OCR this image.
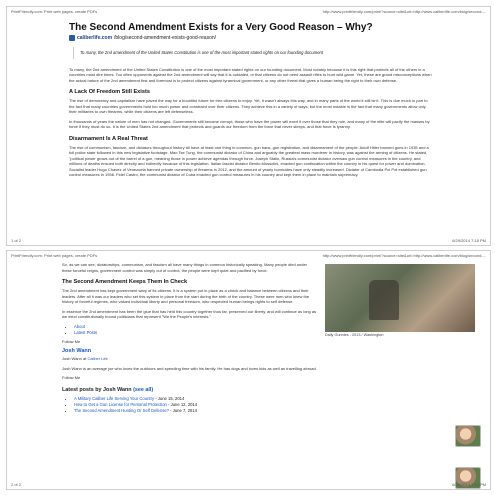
PrintFriendly.com: Print web pages, create PDFs	http://www.printfriendly.com/print/?source=site&url=http://www.caliberlife.com/blog/second-...
The Second Amendment Exists for a Very Good Reason – Why?
caliberlife.com /blog/second-amendment-exists-good-reason/
To many, the 2nd amendment of the United States Constitution is one of the most important stated rights on our founding document

To many, the 2nd amendment of the United States Constitution is one of the most important stated rights on our founding document. Most notably because it is this right that protects all of the others in a countries most dire times. Too often opponents against the 2nd amendment will say that it is outdated, or that citizens do not need assault rifles to hunt wild game. Yet, these are grand misconceptions when the actual nature of the 2nd amendment first and foremost is to protect citizens against tyrannical government, or any other threat that gives a human being the right to their own defense.

A Lack Of Freedom Still Exists

The rise of democracy and capitalism have paved the way for a bountiful future for free citizens to enjoy. Yet, it wasn't always this way, and in many parts of the world it still isn't. This is due much in part to the fact that many countries governments hold too much power and constraint over their citizens. They achieve this in a variety of ways, but the most notable is the fact that many governments allow only their militaries to own firearms, while their citizens are left defenseless.

In thousands of years the nature of men has not changed. Governments still become corrupt, those who have the power will exert it over those that they rule, and many of the elite will pacify the masses by force if they must do so. It is the United States 2nd amendment that protects and guards our freedom from the force that never sleeps, and that force is tyranny.

Disarmament Is A Real Threat

The rise of communism, fascism, and dictators throughout history all have at least one thing in common, gun bans, gun registration, and disarmament of the people. Adolf Hitler banned guns in 1935 and a full police state followed in this new legislative footstage. Mao Tse Tung, the communist dictator of China and arguably the greatest mass murderer in history, was against the arming of citizens. He stated, "political power grows out of the barrel of a gun, meaning those in power achieve agendas through force. Joseph Stalin, Russia's communist dictator oversaw gun control measures in the country, and millions of deaths ensued both directly and indirectly because of this legislation. Italian fascist dictator Benito Mussolini, enacted gun confiscation within the country in his quest for power and domination. Socialist leader Hugo Chavez of Venezuela banned private ownership of firearms in 2012, and the amount of yearly homicides have only steadily increased. Dictator of Cambodia Pol Pot established gun control measures in 1956. Fidel Castro, the communist dictator of Cuba enacted gun control measures in his country and kept them in place to maintain supremacy.

1 of 2	6/29/2014 7:18 PM
PrintFriendly.com: Print web pages, create PDFs	http://www.printfriendly.com/print/?source=site&url=http://www.caliberlife.com/blog/second-...

So, as we can see, dictatorships, communism, and fascism all have many things in common historically speaking. Many people died under these forceful reigns, government control was simply out of control, the people were kept quiet and pacified by force.

The Second Amendment Keeps Them In Check

The 2nd amendment has kept government wary of its citizens. It is a system put in place as a check and balance between citizens and their leaders. After all it was our leaders who set this system in place from the start during the birth of the country. These were men who knew the history of forceful regimes, who valued individual liberty and personal freedom, who respected human beings rights to self defense.

In essence the 2nd amendment has been the glue that has held this country together thus far, preserved our liberty, and will continue as long as we elect constitutionally bound politicians that represent "We the People's interests."

• About
• Latest Posts
Follow Me
Josh Wann
Josh Wann at Caliber Life

Josh Wann is an average joe who loves the outdoors and spending time with his family. He has dogs and loves kids as well as travelling abroad.

Follow Me
Latest posts by Josh Wann (see all)
• A Military Caliber Life Serving Your Country - June 15, 2014
• How to Get a Gun License for Personal Protection - June 12, 2014
• The Second Amendment Hunting Or Self Defense? - June 7, 2014
Daily Gunnies - 2013 / Washington
2 of 2	6/29/2014 7:18 PM
